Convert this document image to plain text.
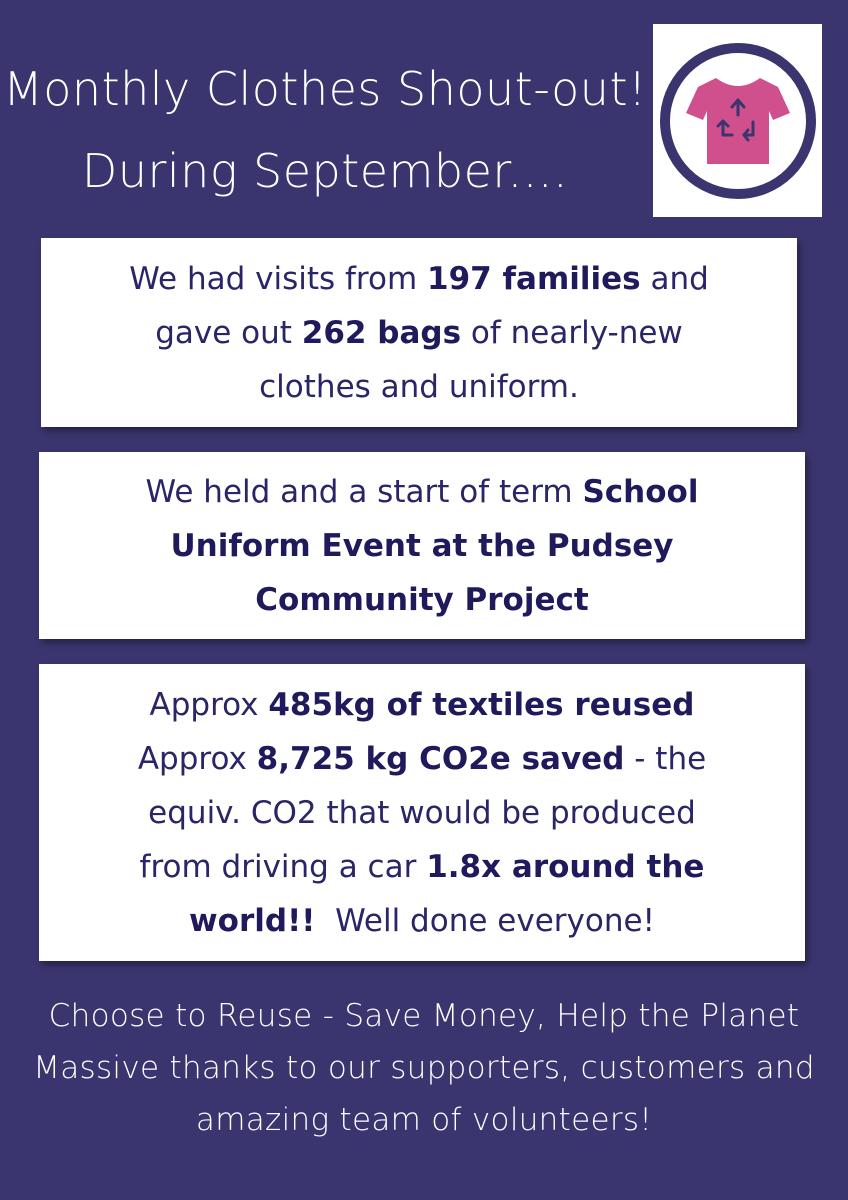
Monthly Clothes Shout-out!
During September....
We had visits from 197 families and
gave out 262 bags of nearly-new
clothes and uniform.
We held and a start of term School
Uniform Event at the Pudsey
Community Project
Approx 485kg of textiles reused
Approx 8,725 kg CO2e saved - the
equiv. CO2 that would be produced
from driving a car 1.8x around the
world!!  Well done everyone!
Choose to Reuse - Save Money, Help the Planet
Massive thanks to our supporters, customers and
amazing team of volunteers!
